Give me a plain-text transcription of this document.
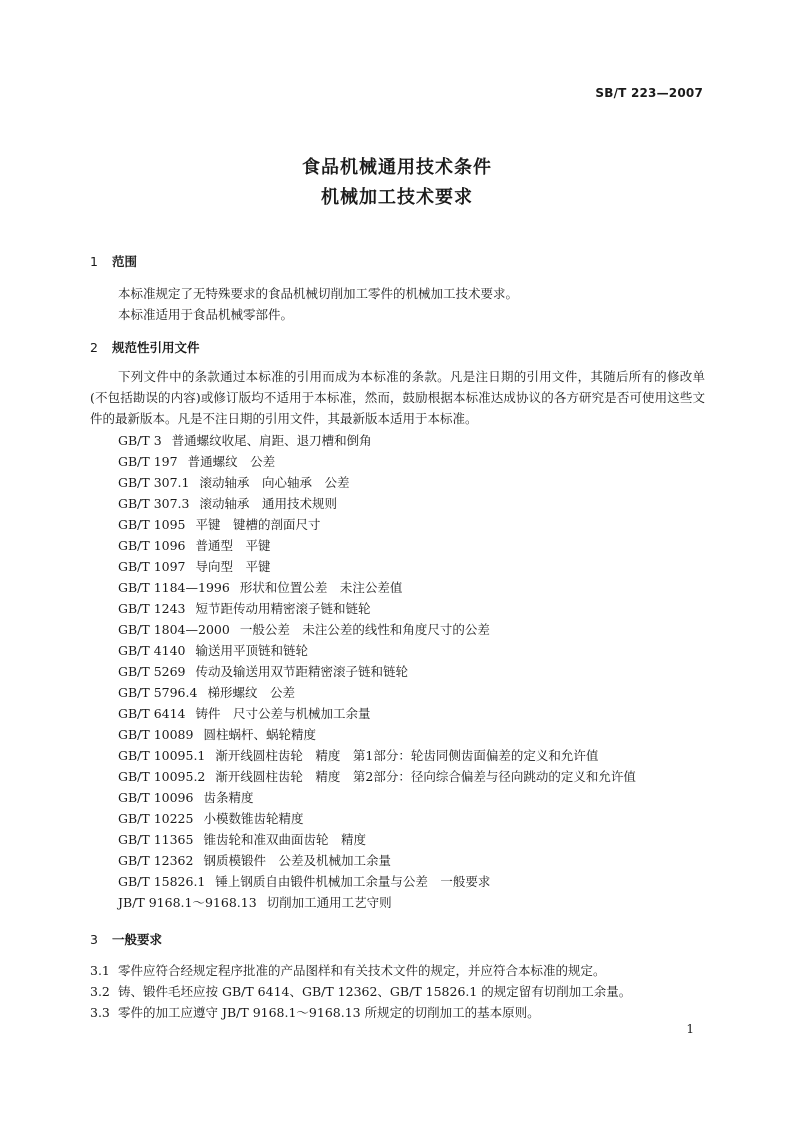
SB/T 223—2007
食品机械通用技术条件
机械加工技术要求
1 范围
本标准规定了无特殊要求的食品机械切削加工零件的机械加工技术要求。
本标准适用于食品机械零部件。
2 规范性引用文件
下列文件中的条款通过本标准的引用而成为本标准的条款。凡是注日期的引用文件，其随后所有的修改单(不包括勘误的内容)或修订版均不适用于本标准，然而，鼓励根据本标准达成协议的各方研究是否可使用这些文件的最新版本。凡是不注日期的引用文件，其最新版本适用于本标准。
GB/T 3 普通螺纹收尾、肩距、退刀槽和倒角
GB/T 197 普通螺纹　公差
GB/T 307.1 滚动轴承　向心轴承　公差
GB/T 307.3 滚动轴承　通用技术规则
GB/T 1095 平键　键槽的剖面尺寸
GB/T 1096 普通型　平键
GB/T 1097 导向型　平键
GB/T 1184—1996 形状和位置公差　未注公差值
GB/T 1243 短节距传动用精密滚子链和链轮
GB/T 1804—2000 一般公差　未注公差的线性和角度尺寸的公差
GB/T 4140 输送用平顶链和链轮
GB/T 5269 传动及输送用双节距精密滚子链和链轮
GB/T 5796.4 梯形螺纹　公差
GB/T 6414 铸件　尺寸公差与机械加工余量
GB/T 10089 圆柱蜗杆、蜗轮精度
GB/T 10095.1 渐开线圆柱齿轮　精度　第1部分：轮齿同侧齿面偏差的定义和允许值
GB/T 10095.2 渐开线圆柱齿轮　精度　第2部分：径向综合偏差与径向跳动的定义和允许值
GB/T 10096 齿条精度
GB/T 10225 小模数锥齿轮精度
GB/T 11365 锥齿轮和准双曲面齿轮　精度
GB/T 12362 钢质模锻件　公差及机械加工余量
GB/T 15826.1 锤上钢质自由锻件机械加工余量与公差　一般要求
JB/T 9168.1～9168.13 切削加工通用工艺守则
3 一般要求
3.1 零件应符合经规定程序批准的产品图样和有关技术文件的规定，并应符合本标准的规定。
3.2 铸、锻件毛坯应按 GB/T 6414、GB/T 12362、GB/T 15826.1 的规定留有切削加工余量。
3.3 零件的加工应遵守 JB/T 9168.1～9168.13 所规定的切削加工的基本原则。
1
